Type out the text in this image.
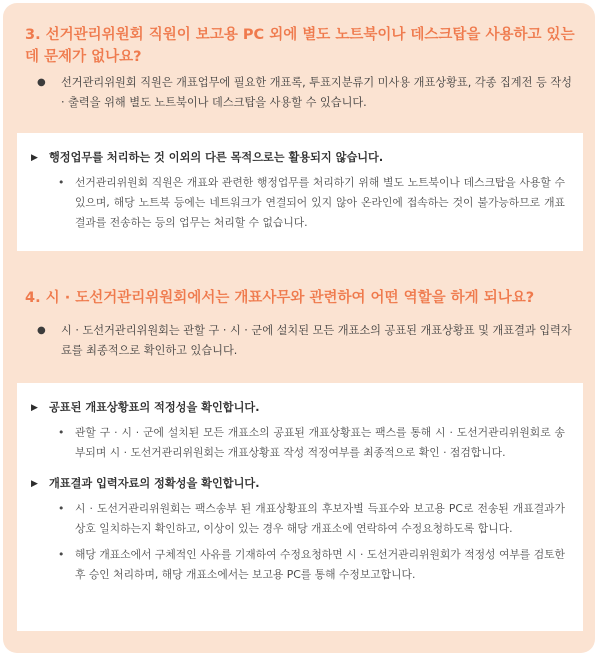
3. 선거관리위원회 직원이 보고용 PC 외에 별도 노트북이나 데스크탑을 사용하고 있는데 문제가 없나요?
●	선거관리위원회 직원은 개표업무에 필요한 개표록, 투표지분류기 미사용 개표상황표, 각종 집계전 등 작성 · 출력을 위해 별도 노트북이나 데스크탑을 사용할 수 있습니다.
▶ 행정업무를 처리하는 것 이외의 다른 목적으로는 활용되지 않습니다.
• 선거관리위원회 직원은 개표와 관련한 행정업무를 처리하기 위해 별도 노트북이나 데스크탑을 사용할 수 있으며, 해당 노트북 등에는 네트워크가 연결되어 있지 않아 온라인에 접속하는 것이 불가능하므로 개표결과를 전송하는 등의 업무는 처리할 수 없습니다.
4. 시 · 도선거관리위원회에서는 개표사무와 관련하여 어떤 역할을 하게 되나요?
●	시 · 도선거관리위원회는 관할 구 · 시 · 군에 설치된 모든 개표소의 공표된 개표상황표 및 개표결과 입력자료를 최종적으로 확인하고 있습니다.
▶ 공표된 개표상황표의 적정성을 확인합니다.
• 관할 구 · 시 · 군에 설치된 모든 개표소의 공표된 개표상황표는 팩스를 통해 시 · 도선거관리위원회로 송부되며 시 · 도선거관리위원회는 개표상황표 작성 적정여부를 최종적으로 확인 · 점검합니다.
▶ 개표결과 입력자료의 정확성을 확인합니다.
• 시 · 도선거관리위원회는 팩스송부 된 개표상황표의 후보자별 득표수와 보고용 PC로 전송된 개표결과가 상호 일치하는지 확인하고, 이상이 있는 경우 해당 개표소에 연락하여 수정요청하도록 합니다.
• 해당 개표소에서 구체적인 사유를 기재하여 수정요청하면 시 · 도선거관리위원회가 적정성 여부를 검토한 후 승인 처리하며, 해당 개표소에서는 보고용 PC를 통해 수정보고합니다.
